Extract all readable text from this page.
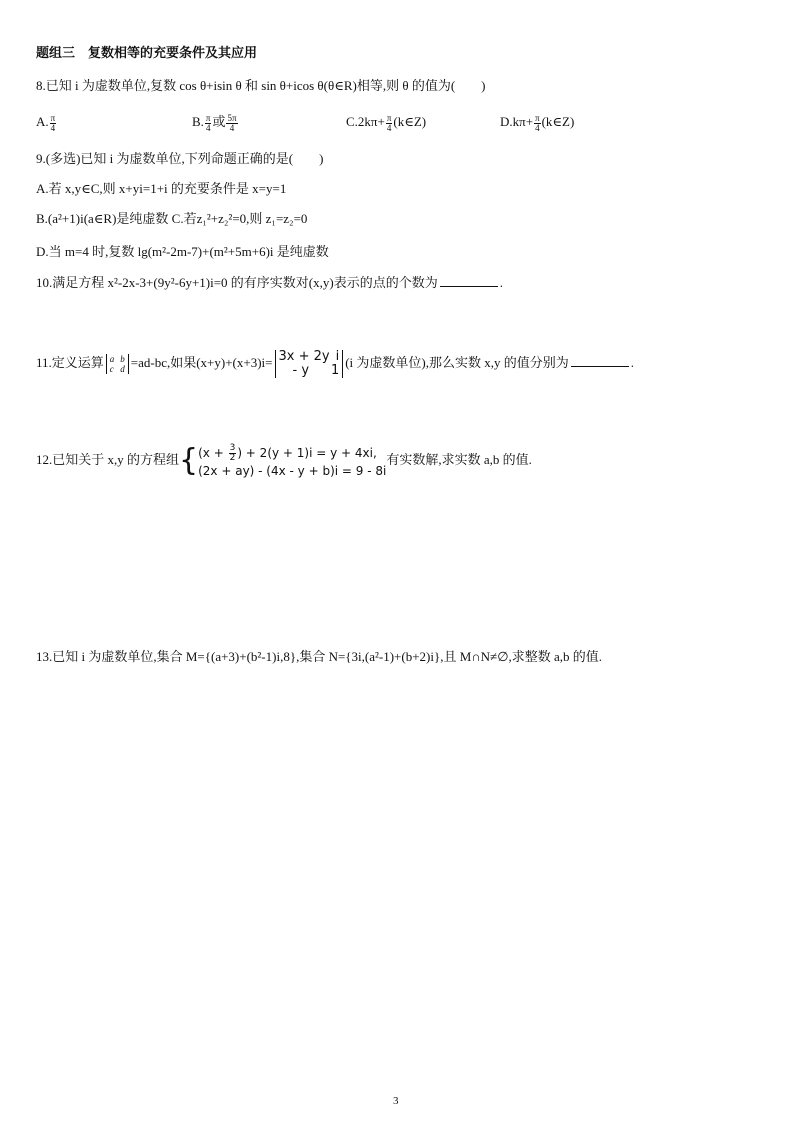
题组三　复数相等的充要条件及其应用
8.已知 i 为虚数单位,复数 cos θ+isin θ 和 sin θ+icos θ(θ∈R)相等,则 θ 的值为(　　)
A. $\frac{\pi}{4}$	B. $\frac{\pi}{4}$ 或 $\frac{5\pi}{4}$	$C.2k\pi+ \frac{\pi}{4}$ (k∈Z)	$D.k\pi+ \frac{\pi}{4}$ (k∈Z)
9.(多选)已知 i 为虚数单位,下列命题正确的是(　　)
A.若 x,y∈C,则 x+yi=1+i 的充要条件是 x=y=1
B.(a²+1)i(a∈R)是纯虚数 C.若z₁²+z₂²=0,则 z₁=z₂=0
D.当 m=4 时,复数 lg(m²-2m-7)+(m²+5m+6)i 是纯虚数
10.满足方程 x²-2x-3+(9y²-6y+1)i=0 的有序实数对(x,y)表示的点的个数为	.
11.定义运算 a b
c d =ad-bc,如果(x+y)+(x+3)i= 3x + 2y i
- y 1
(i 为虚数单位),那么实数 x,y 的值分别为	.
12.已知关于 x,y 的方程组{ ($x + \frac{3}{2}$ ) + 2(y + 1)i = y + 4xi,
(2x + ay) - (4x - y + b)i = 9 - 8i
有实数解,求实数 a,b 的值.
13.已知 i 为虚数单位,集合 M={(a+3)+(b²-1)i,8},集合 N={3i,(a²-1)+(b+2)i},且 M∩N≠∅,求整数 a,b 的值.
3
